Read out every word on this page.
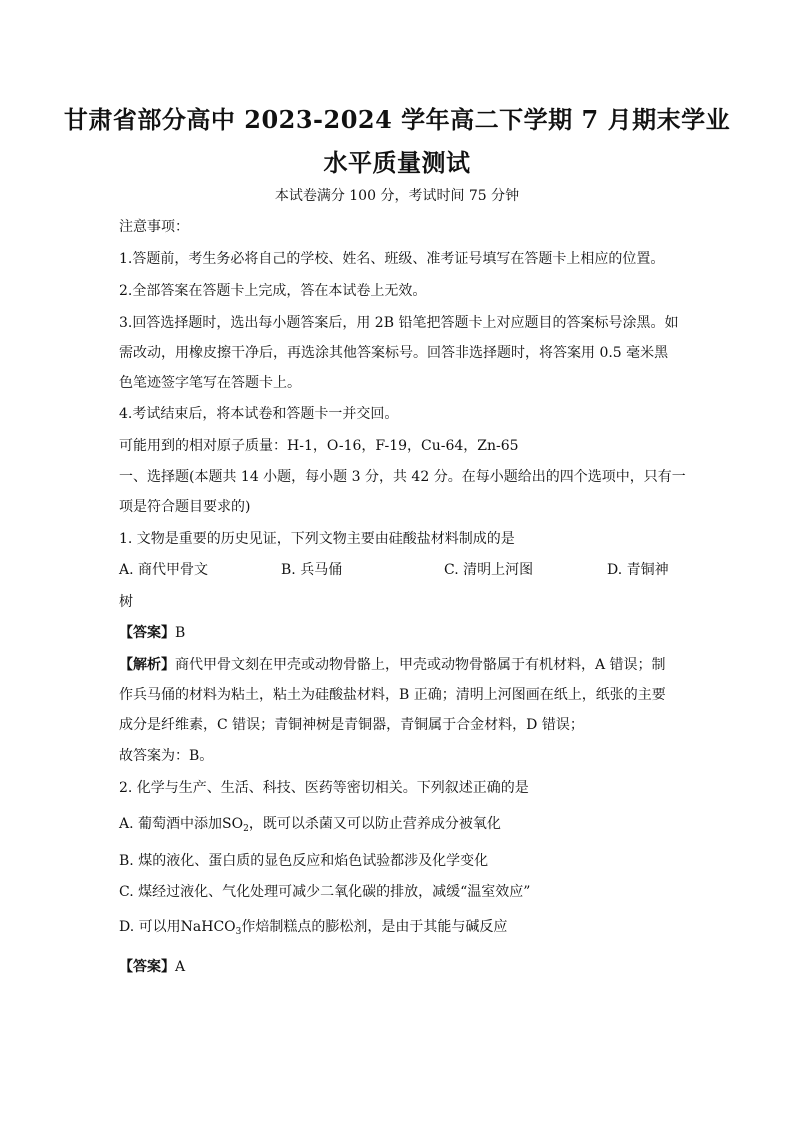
甘肃省部分高中 2023-2024 学年高二下学期 7 月期末学业
水平质量测试
本试卷满分 100 分，考试时间 75 分钟
注意事项：
1.答题前，考生务必将自己的学校、姓名、班级、准考证号填写在答题卡上相应的位置。
2.全部答案在答题卡上完成，答在本试卷上无效。
3.回答选择题时，选出每小题答案后，用 2B 铅笔把答题卡上对应题目的答案标号涂黑。如
需改动，用橡皮擦干净后，再选涂其他答案标号。回答非选择题时，将答案用 0.5 毫米黑
色笔迹签字笔写在答题卡上。
4.考试结束后，将本试卷和答题卡一并交回。
可能用到的相对原子质量：H-1，O-16，F-19，Cu-64，Zn-65
一、选择题(本题共 14 小题，每小题 3 分，共 42 分。在每小题给出的四个选项中，只有一
项是符合题目要求的)
1. 文物是重要的历史见证，下列文物主要由硅酸盐材料制成的是
A. 商代甲骨文	B. 兵马俑	C. 清明上河图	D. 青铜神
树
【答案】B
【解析】商代甲骨文刻在甲壳或动物骨骼上，甲壳或动物骨骼属于有机材料，A 错误；制
作兵马俑的材料为粘土，粘土为硅酸盐材料，B 正确；清明上河图画在纸上，纸张的主要
成分是纤维素，C 错误；青铜神树是青铜器，青铜属于合金材料，D 错误；
故答案为：B。
2. 化学与生产、生活、科技、医药等密切相关。下列叙述正确的是
A. 葡萄酒中添加$SO_2$，既可以杀菌又可以防止营养成分被氧化
B. 煤的液化、蛋白质的显色反应和焰色试验都涉及化学变化
C. 煤经过液化、气化处理可减少二氧化碳的排放，减缓“温室效应”
D. 可以用NaHCO$_3$作焙制糕点的膨松剂，是由于其能与碱反应
【答案】A
